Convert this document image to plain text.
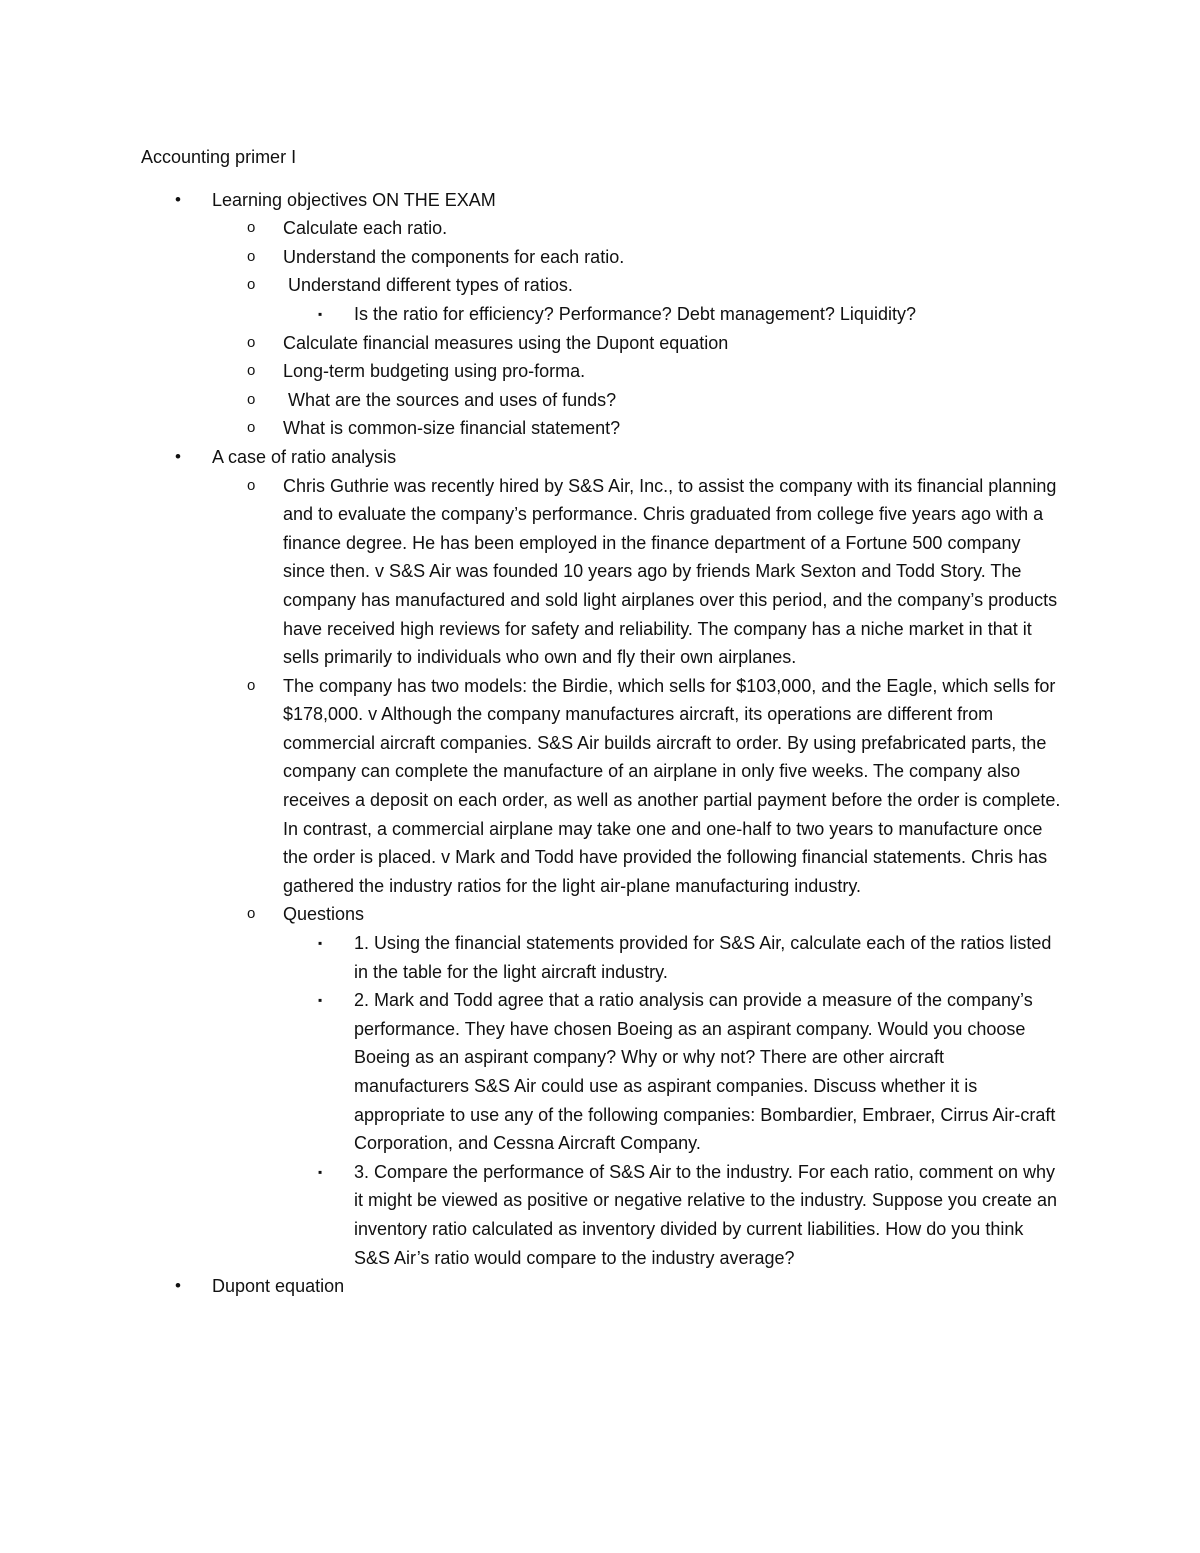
Accounting primer I
•	Learning objectives ON THE EXAM
o	Calculate each ratio.
o	Understand the components for each ratio.
o	Understand different types of ratios.
▪	Is the ratio for efficiency? Performance? Debt management? Liquidity?
o	Calculate financial measures using the Dupont equation
o	Long-term budgeting using pro-forma.
o	What are the sources and uses of funds?
o	What is common-size financial statement?
•	A case of ratio analysis
o	Chris Guthrie was recently hired by S&S Air, Inc., to assist the company with its financial planning and to evaluate the company’s performance. Chris graduated from college five years ago with a finance degree. He has been employed in the finance department of a Fortune 500 company since then. v S&S Air was founded 10 years ago by friends Mark Sexton and Todd Story. The company has manufactured and sold light airplanes over this period, and the company’s products have received high reviews for safety and reliability. The company has a niche market in that it sells primarily to individuals who own and fly their own airplanes.
o	The company has two models: the Birdie, which sells for $103,000, and the Eagle, which sells for $178,000. v Although the company manufactures aircraft, its operations are different from commercial aircraft companies. S&S Air builds aircraft to order. By using prefabricated parts, the company can complete the manufacture of an airplane in only five weeks. The company also receives a deposit on each order, as well as another partial payment before the order is complete. In contrast, a commercial airplane may take one and one-half to two years to manufacture once the order is placed. v Mark and Todd have provided the following financial statements. Chris has gathered the industry ratios for the light air-plane manufacturing industry.
o	Questions
▪	1. Using the financial statements provided for S&S Air, calculate each of the ratios listed in the table for the light aircraft industry.
▪	2. Mark and Todd agree that a ratio analysis can provide a measure of the company’s performance. They have chosen Boeing as an aspirant company. Would you choose Boeing as an aspirant company? Why or why not? There are other aircraft manufacturers S&S Air could use as aspirant companies. Discuss whether it is appropriate to use any of the following companies: Bombardier, Embraer, Cirrus Air-craft Corporation, and Cessna Aircraft Company.
▪	3. Compare the performance of S&S Air to the industry. For each ratio, comment on why it might be viewed as positive or negative relative to the industry. Suppose you create an inventory ratio calculated as inventory divided by current liabilities. How do you think S&S Air’s ratio would compare to the industry average?
•	Dupont equation
